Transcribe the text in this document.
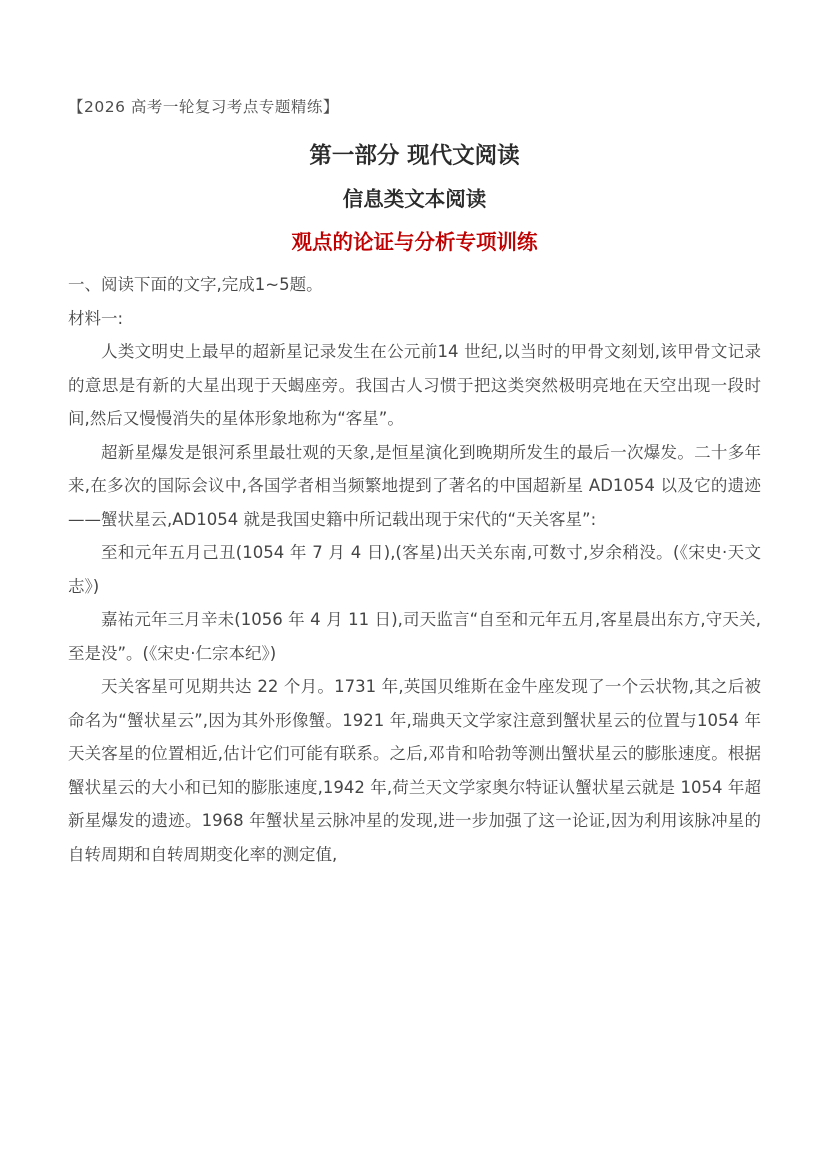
【2026 高考一轮复习考点专题精练】
第一部分 现代文阅读
信息类文本阅读
观点的论证与分析专项训练

一、阅读下面的文字,完成1~5题。

材料一:

人类文明史上最早的超新星记录发生在公元前14 世纪,以当时的甲骨文刻划,该甲骨文记录的意思是有新的大星出现于天蝎座旁。我国古人习惯于把这类突然极明亮地在天空出现一段时间,然后又慢慢消失的星体形象地称为“客星”。

超新星爆发是银河系里最壮观的天象,是恒星演化到晚期所发生的最后一次爆发。二十多年来,在多次的国际会议中,各国学者相当频繁地提到了著名的中国超新星 AD1054 以及它的遗迹——蟹状星云,AD1054 就是我国史籍中所记载出现于宋代的“天关客星”:

至和元年五月己丑(1054 年 7 月 4 日),(客星)出天关东南,可数寸,岁余稍没。(《宋史·天文志》)

嘉祐元年三月辛未(1056 年 4 月 11 日),司天监言“自至和元年五月,客星晨出东方,守天关,至是没”。(《宋史·仁宗本纪》)

天关客星可见期共达 22 个月。1731 年,英国贝维斯在金牛座发现了一个云状物,其之后被命名为“蟹状星云”,因为其外形像蟹。1921 年,瑞典天文学家注意到蟹状星云的位置与1054 年天关客星的位置相近,估计它们可能有联系。之后,邓肯和哈勃等测出蟹状星云的膨胀速度。根据蟹状星云的大小和已知的膨胀速度,1942 年,荷兰天文学家奥尔特证认蟹状星云就是 1054 年超新星爆发的遗迹。1968 年蟹状星云脉冲星的发现,进一步加强了这一论证,因为利用该脉冲星的自转周期和自转周期变化率的测定值,
